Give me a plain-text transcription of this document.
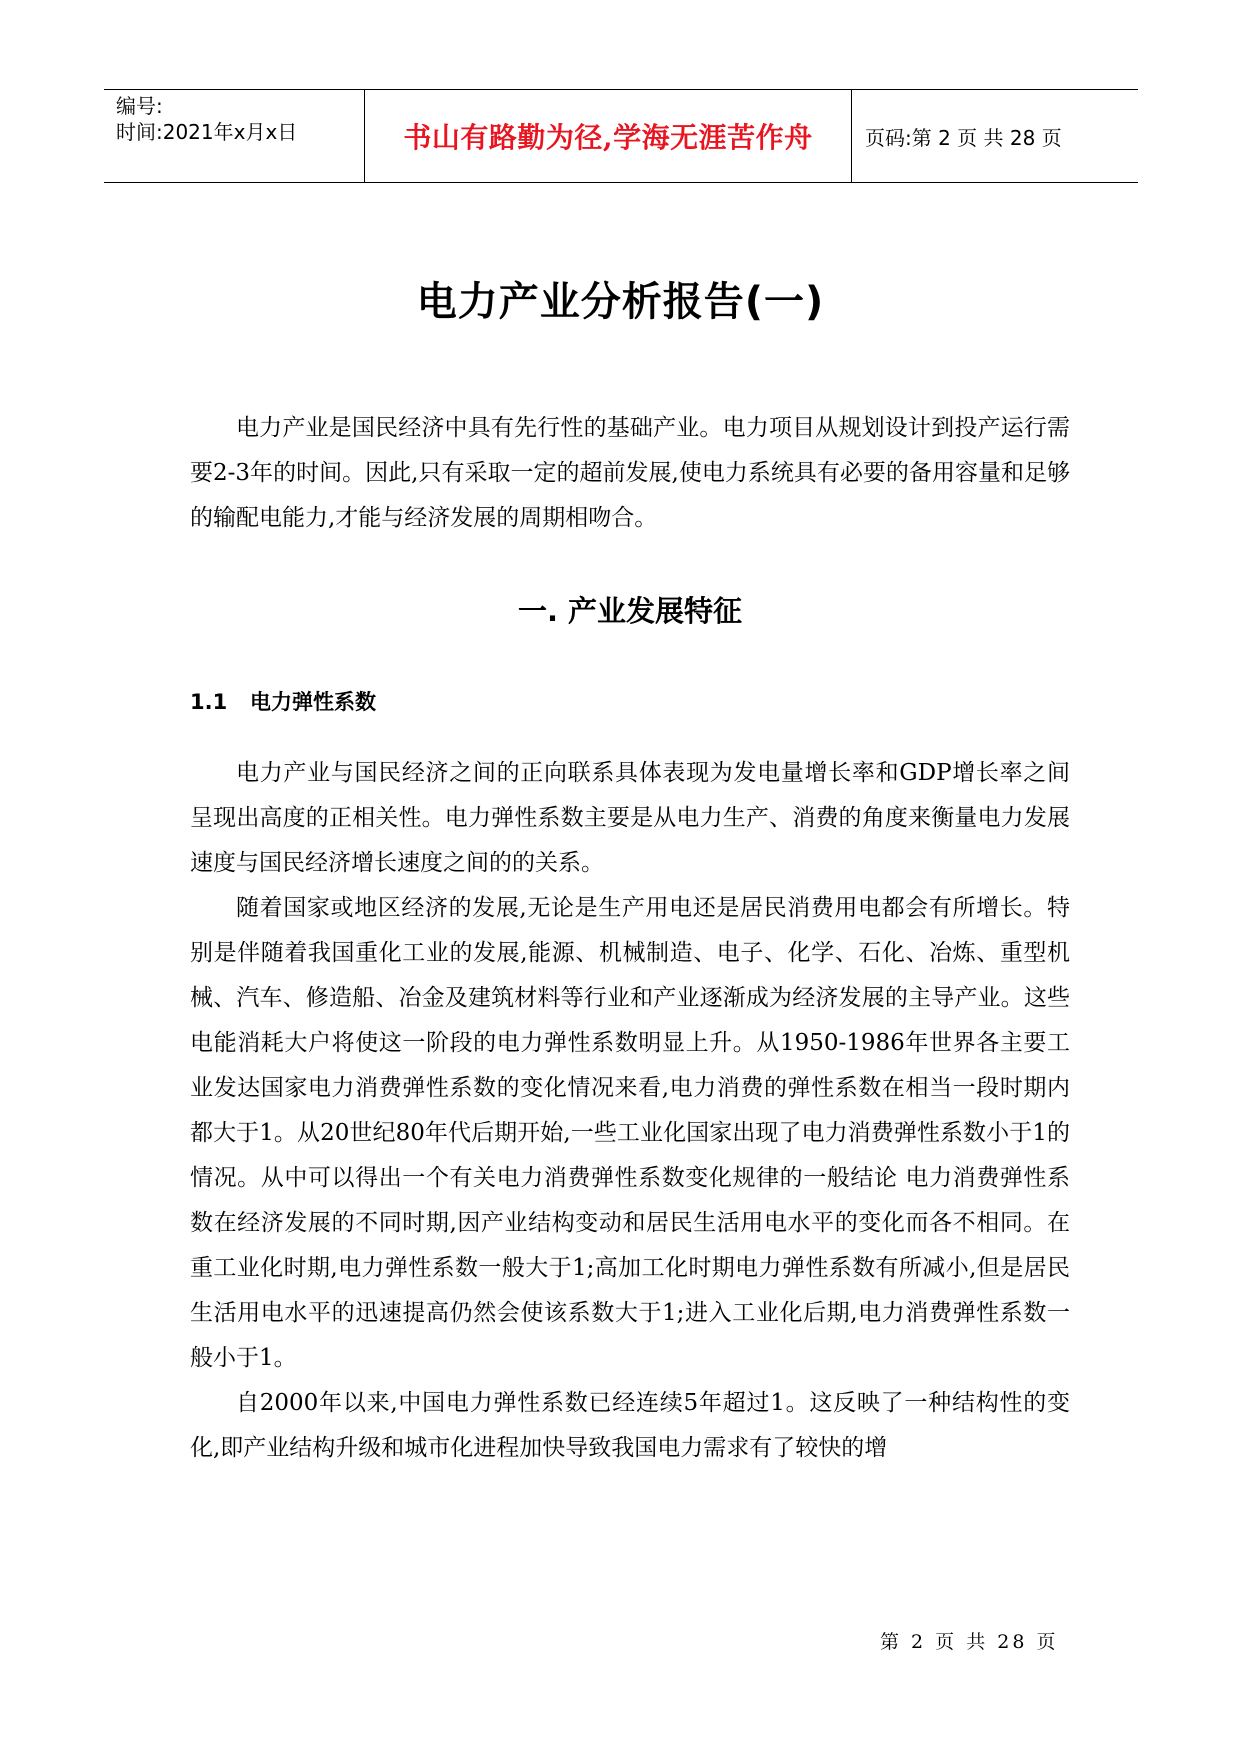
编号:
时间:2021年x月x日	书山有路勤为径,学海无涯苦作舟	页码:第 2 页 共 28 页
电力产业分析报告(一)

电力产业是国民经济中具有先行性的基础产业。电力项目从规划设计到投产运行需要2-3年的时间。因此,只有采取一定的超前发展,使电力系统具有必要的备用容量和足够的输配电能力,才能与经济发展的周期相吻合。

一. 产业发展特征
1.1	电力弹性系数

电力产业与国民经济之间的正向联系具体表现为发电量增长率和GDP增长率之间呈现出高度的正相关性。电力弹性系数主要是从电力生产、消费的角度来衡量电力发展速度与国民经济增长速度之间的的关系。

随着国家或地区经济的发展,无论是生产用电还是居民消费用电都会有所增长。特别是伴随着我国重化工业的发展,能源、机械制造、电子、化学、石化、冶炼、重型机械、汽车、修造船、冶金及建筑材料等行业和产业逐渐成为经济发展的主导产业。这些电能消耗大户将使这一阶段的电力弹性系数明显上升。从1950-1986年世界各主要工业发达国家电力消费弹性系数的变化情况来看,电力消费的弹性系数在相当一段时期内都大于1。从20世纪80年代后期开始,一些工业化国家出现了电力消费弹性系数小于1的情况。从中可以得出一个有关电力消费弹性系数变化规律的一般结论 电力消费弹性系数在经济发展的不同时期,因产业结构变动和居民生活用电水平的变化而各不相同。在重工业化时期,电力弹性系数一般大于1;高加工化时期电力弹性系数有所减小,但是居民生活用电水平的迅速提高仍然会使该系数大于1;进入工业化后期,电力消费弹性系数一般小于1。

自2000年以来,中国电力弹性系数已经连续5年超过1。这反映了一种结构性的变化,即产业结构升级和城市化进程加快导致我国电力需求有了较快的增

第 2 页 共 28 页
